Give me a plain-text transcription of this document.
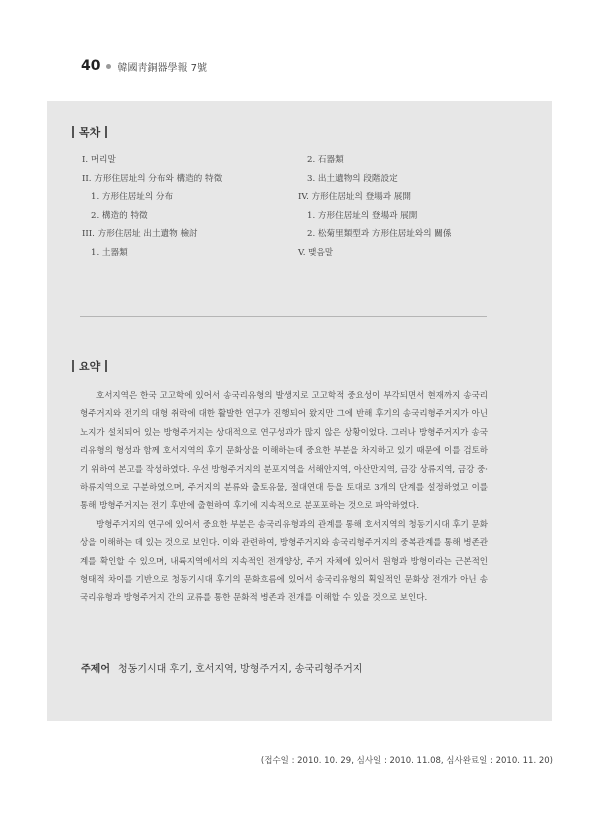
40 韓國靑銅器學報 7號
목차
I. 머리말
II. 方形住居址의 分布와 構造的 特徵
1. 方形住居址의 分布
2. 構造的 特徵
III. 方形住居址 出土遺物 檢討
1. 土器類
2. 石器類
3. 出土遺物의 段階設定
IV. 方形住居址의 登場과 展開
1. 方形住居址의 登場과 展開
2. 松菊里類型과 方形住居址와의 關係
V. 맺음말
요약

호서지역은 한국 고고학에 있어서 송국리유형의 발생지로 고고학적 중요성이 부각되면서 현재까지 송국리형주거지와 전기의 대형 취락에 대한 활발한 연구가 진행되어 왔지만 그에 반해 후기의 송국리형주거지가 아닌 노지가 설치되어 있는 방형주거지는 상대적으로 연구성과가 많지 않은 상황이었다. 그러나 방형주거지가 송국리유형의 형성과 함께 호서지역의 후기 문화상을 이해하는데 중요한 부분을 차지하고 있기 때문에 이를 검토하기 위하여 본고를 작성하였다. 우선 방형주거지의 분포지역을 서해안지역, 아산만지역, 금강 상류지역, 금강 중·하류지역으로 구분하였으며, 주거지의 분류와 출토유물, 절대연대 등을 토대로 3개의 단계를 설정하였고 이를 통해 방형주거지는 전기 후반에 출현하여 후기에 지속적으로 분포포하는 것으로 파악하였다.

방형주거지의 연구에 있어서 중요한 부분은 송국리유형과의 관계를 통해 호서지역의 청동기시대 후기 문화상을 이해하는 데 있는 것으로 보인다. 이와 관련하여, 방형주거지와 송국리형주거지의 중복관계를 통해 병존관계를 확인할 수 있으며, 내륙지역에서의 지속적인 전개양상, 주거 자체에 있어서 원형과 방형이라는 근본적인 형태적 차이를 기반으로 청동기시대 후기의 문화흐름에 있어서 송국리유형의 획일적인 문화상 전개가 아닌 송국리유형과 방형주거지 간의 교류를 통한 문화적 병존과 전개를 이해할 수 있을 것으로 보인다.

주제어 청동기시대 후기, 호서지역, 방형주거지, 송국리형주거지
(접수일 : 2010. 10. 29, 심사일 : 2010. 11.08, 심사완료일 : 2010. 11. 20)
